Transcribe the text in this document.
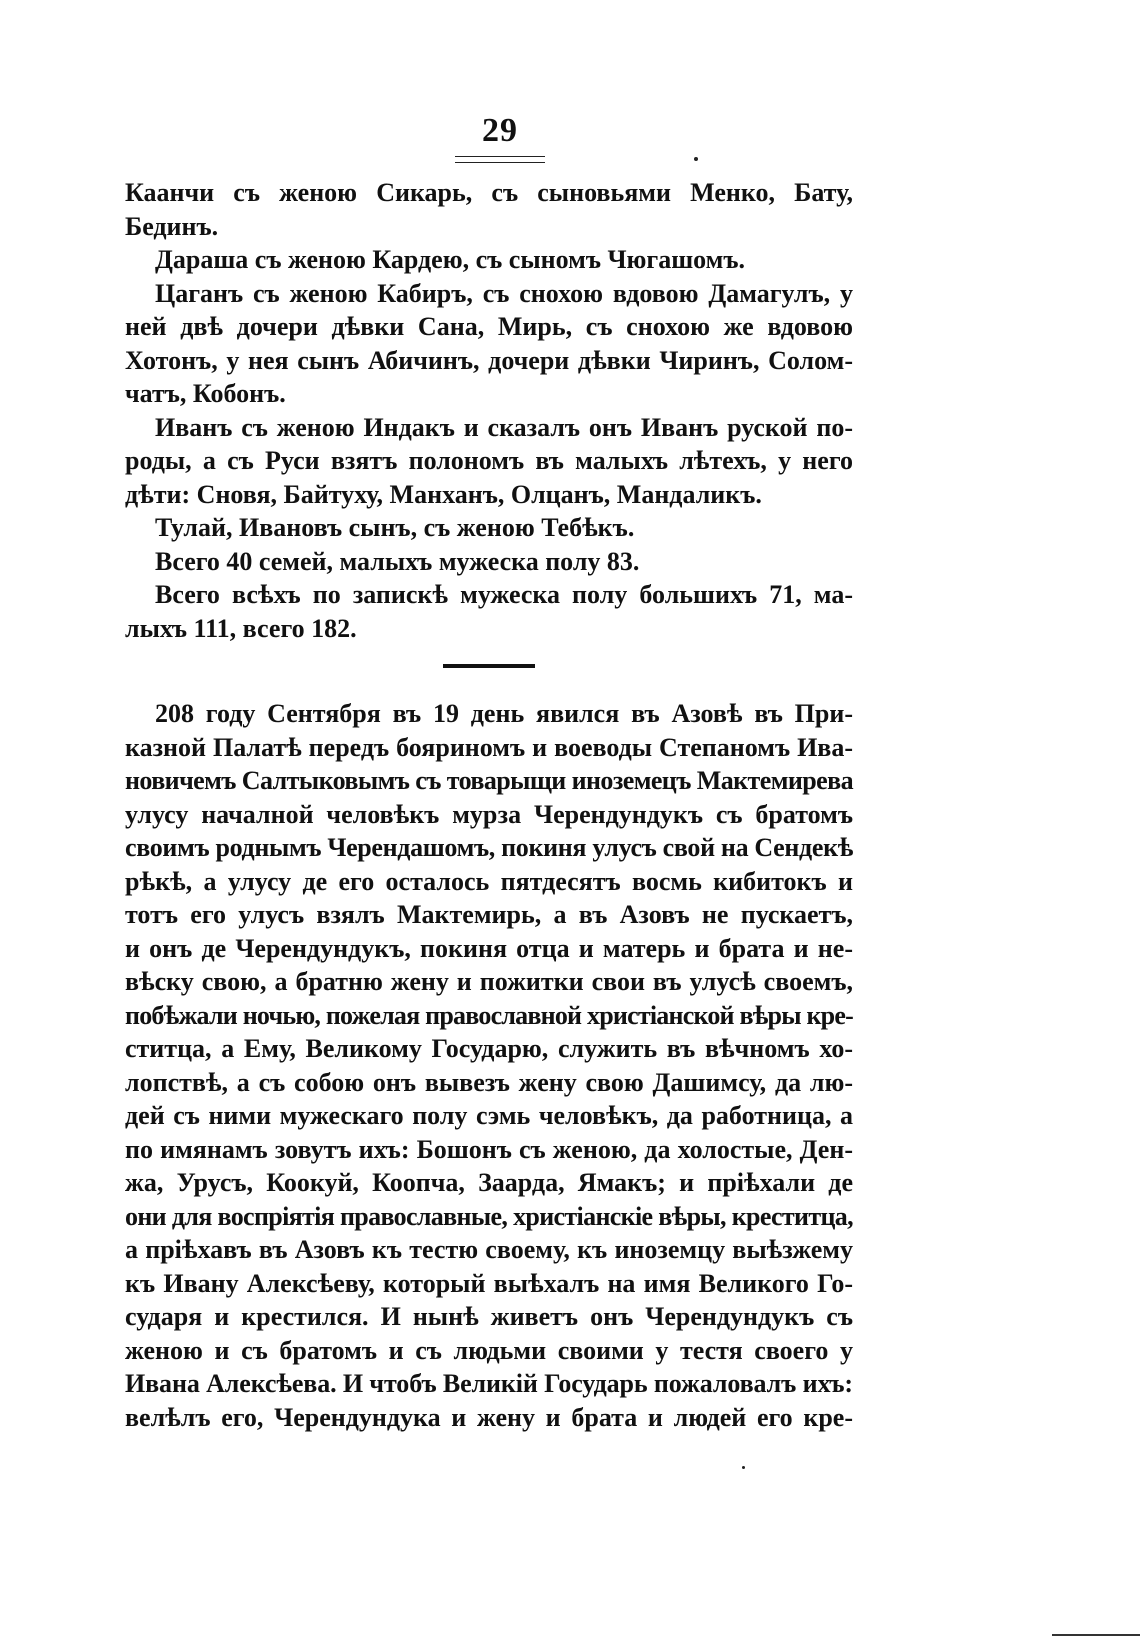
29
Каанчи съ женою Сикарь, съ сыновьями Менко, Бату,
Бединъ.
Дараша съ женою Кардею, съ сыномъ Чюгашомъ.
Цаганъ съ женою Кабиръ, съ снохою вдовою Дамагулъ, у
ней двѣ дочери дѣвки Сана, Мирь, съ снохою же вдовою
Хотонъ, у нея сынъ Абичинъ, дочери дѣвки Чиринъ, Солом-
чатъ, Кобонъ.
Иванъ съ женою Индакъ и сказалъ онъ Иванъ руской по-
роды, а съ Руси взятъ полономъ въ малыхъ лѣтехъ, у него
дѣти: Сновя, Байтуху, Манханъ, Олцанъ, Мандаликъ.
Тулай, Ивановъ сынъ, съ женою Тебѣкъ.
Всего 40 семей, малыхъ мужеска полу 83.
Всего всѣхъ по запискѣ мужеска полу большихъ 71, ма-
лыхъ 111, всего 182.
208 году Сентября въ 19 день явился въ Азовѣ въ При-
казной Палатѣ передъ бояриномъ и воеводы Степаномъ Ива-
новичемъ Салтыковымъ съ товарыщи иноземецъ Мактемирева
улусу началной человѣкъ мурза Черендундукъ съ братомъ
своимъ роднымъ Черендашомъ, покиня улусъ свой на Сендекѣ
рѣкѣ, а улусу де его осталось пятдесятъ восмь кибитокъ и
тотъ его улусъ взялъ Мактемирь, а въ Азовъ не пускаетъ,
и онъ де Черендундукъ, покиня отца и матерь и брата и не-
вѣску свою, а братню жену и пожитки свои въ улусѣ своемъ,
побѣжали ночью, пожелая православной христіанской вѣры кре-
ститца, а Ему, Великому Государю, служить въ вѣчномъ хо-
лопствѣ, а съ собою онъ вывезъ жену свою Дашимсу, да лю-
дей съ ними мужескаго полу сэмь человѣкъ, да работница, а
по имянамъ зовутъ ихъ: Бошонъ съ женою, да холостые, Ден-
жа, Урусъ, Коокуй, Коопча, Заарда, Ямакъ; и пріѣхали де
они для воспріятія православные, христіанскіе вѣры, креститца,
а пріѣхавъ въ Азовъ къ тестю своему, къ иноземцу выѣзжему
къ Ивану Алексѣеву, который выѣхалъ на имя Великого Го-
сударя и крестился. И нынѣ живетъ онъ Черендундукъ съ
женою и съ братомъ и съ людьми своими у тестя своего у
Ивана Алексѣева. И чтобъ Великій Государь пожаловалъ ихъ:
велѣлъ его, Черендундука и жену и брата и людей его кре-
